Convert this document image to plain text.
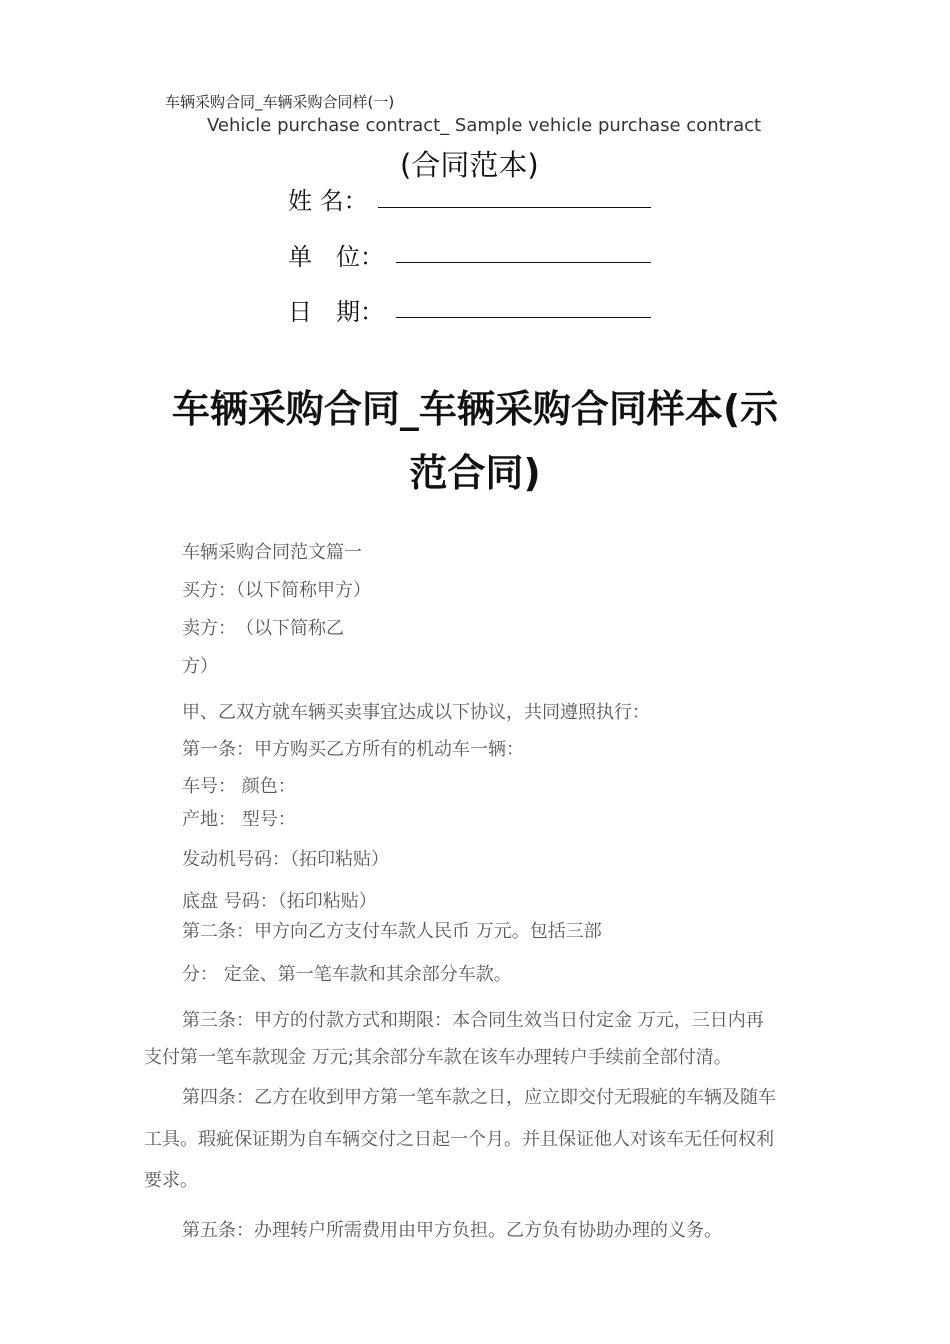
车辆采购合同_车辆采购合同样(一)
Vehicle purchase contract_ Sample vehicle purchase contract
(合同范本)
姓 名：
单　位：
日　期：
车辆采购合同_车辆采购合同样本(示
范合同)
车辆采购合同范文篇一
买方：（以下简称甲方）
卖方：　（以下简称乙
方）
甲、乙双方就车辆买卖事宜达成以下协议，共同遵照执行：
第一条：甲方购买乙方所有的机动车一辆：
车号： 颜色：
产地： 型号：
发动机号码：（拓印粘贴）
底盘 号码：（拓印粘贴）
第二条：甲方向乙方支付车款人民币 万元。包括三部
分： 定金、第一笔车款和其余部分车款。
第三条：甲方的付款方式和期限：本合同生效当日付定金 万元，三日内再
支付第一笔车款现金 万元;其余部分车款在该车办理转户手续前全部付清。
第四条：乙方在收到甲方第一笔车款之日，应立即交付无瑕疵的车辆及随车
工具。瑕疵保证期为自车辆交付之日起一个月。并且保证他人对该车无任何权利
要求。
第五条：办理转户所需费用由甲方负担。乙方负有协助办理的义务。
